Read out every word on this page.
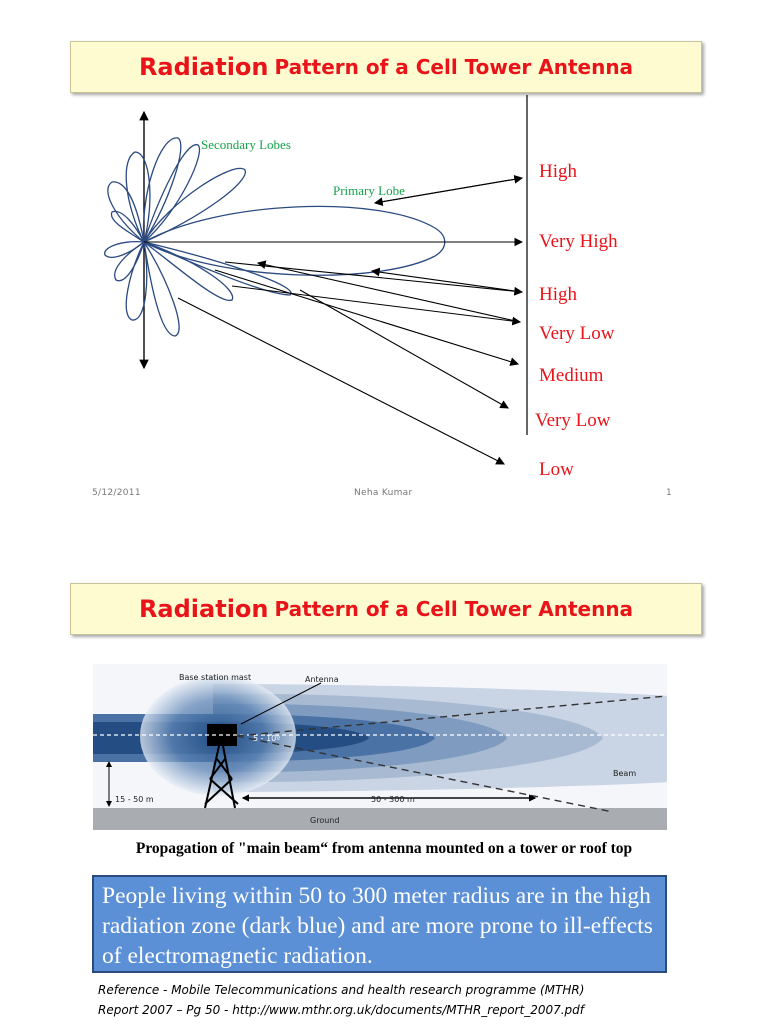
Radiation Pattern of a Cell Tower Antenna
Secondary Lobes
Primary Lobe
High
Very High
High
Very Low
Medium
Very Low
Low
5/12/2011	Neha Kumar	1
Radiation Pattern of a Cell Tower Antenna
Base station mast	Antenna
5 - 10º
15 - 50 m	50 - 300 m
Beam
Ground
Propagation of "main beam“ from antenna mounted on a tower or roof top
People living within 50 to 300 meter radius are in the high radiation zone (dark blue) and are more prone to ill-effects of electromagnetic radiation.
Reference - Mobile Telecommunications and health research programme (MTHR)
Report 2007 – Pg 50 - http://www.mthr.org.uk/documents/MTHR_report_2007.pdf
